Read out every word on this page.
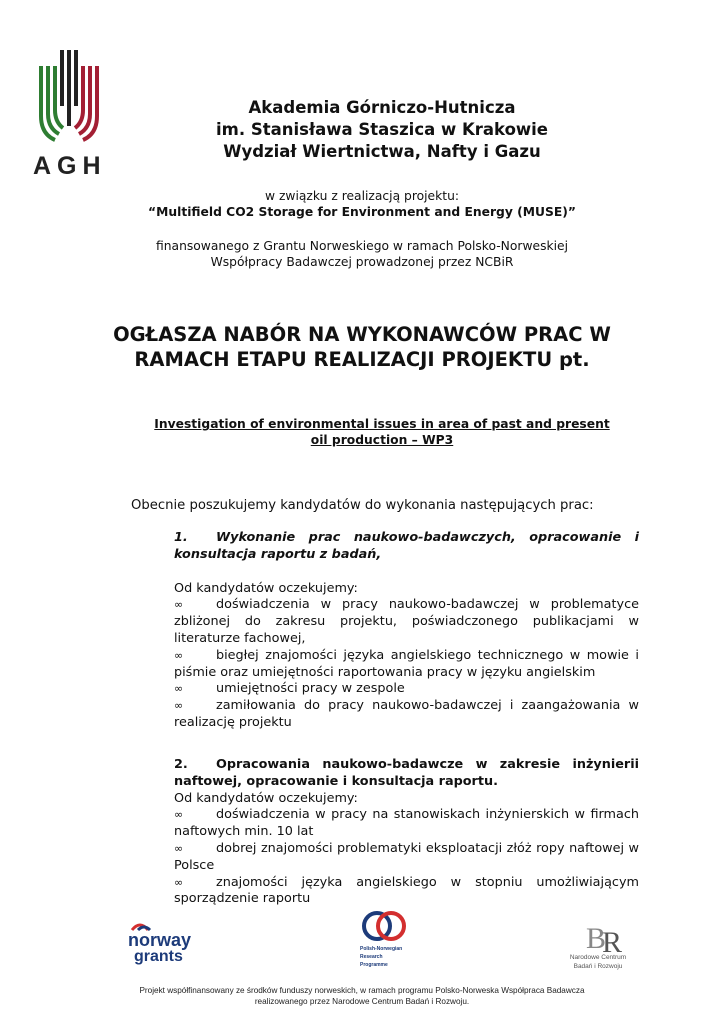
AGH
Akademia Górniczo-Hutnicza
im. Stanisława Staszica w Krakowie
Wydział Wiertnictwa, Nafty i Gazu
w związku z realizacją projektu:
“Multifield CO2 Storage for Environment and Energy (MUSE)”
finansowanego z Grantu Norweskiego w ramach Polsko-Norweskiej
Współpracy Badawczej prowadzonej przez NCBiR
OGŁASZA NABÓR NA WYKONAWCÓW PRAC W
RAMACH ETAPU REALIZACJI PROJEKTU pt.
Investigation of environmental issues in area of past and present
oil production – WP3
Obecnie poszukujemy kandydatów do wykonania następujących prac:
1. Wykonanie prac naukowo-badawczych, opracowanie i konsultacja raportu z badań,
Od kandydatów oczekujemy:
∞	doświadczenia w pracy naukowo-badawczej w problematyce zbliżonej do zakresu projektu, poświadczonego publikacjami w literaturze fachowej,
∞	biegłej znajomości języka angielskiego technicznego w mowie i piśmie oraz umiejętności raportowania pracy w języku angielskim
∞	umiejętności pracy w zespole
∞	zamiłowania do pracy naukowo-badawczej i zaangażowania w realizację projektu
2. Opracowania naukowo-badawcze w zakresie inżynierii naftowej, opracowanie i konsultacja raportu.
Od kandydatów oczekujemy:
∞	doświadczenia w pracy na stanowiskach inżynierskich w firmach naftowych min. 10 lat
∞	dobrej znajomości problematyki eksploatacji złóż ropy naftowej w Polsce
∞	znajomości języka angielskiego w stopniu umożliwiającym sporządzenie raportu
norway
grants	Polish-Norwegian
Research
Programme
B
R
Narodowe Centrum
Badań i Rozwoju
Projekt współfinansowany ze środków funduszy norweskich, w ramach programu Polsko-Norweska Współpraca Badawcza
realizowanego przez Narodowe Centrum Badań i Rozwoju.
